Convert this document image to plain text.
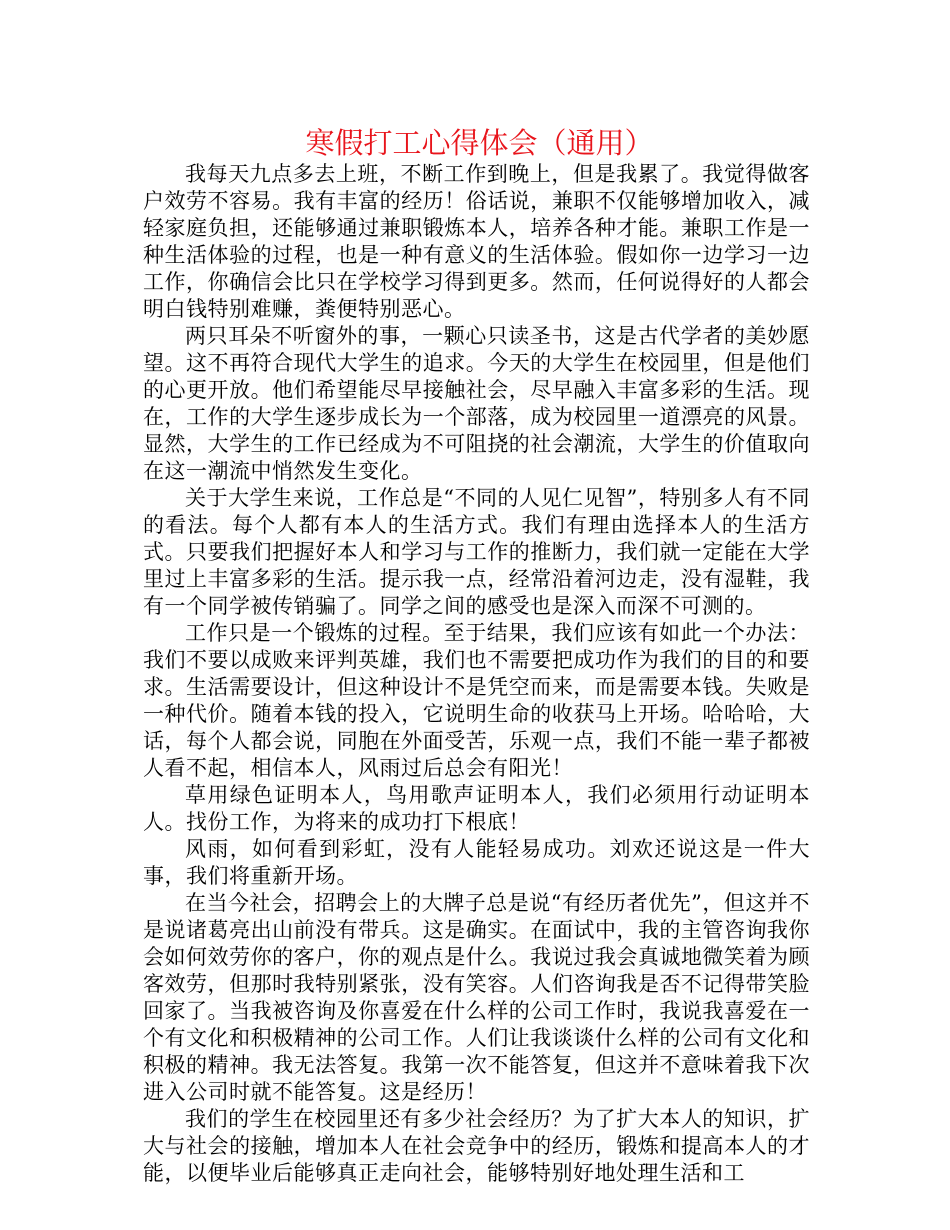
寒假打工心得体会（通用）

我每天九点多去上班，不断工作到晚上，但是我累了。我觉得做客户效劳不容易。我有丰富的经历！俗话说，兼职不仅能够增加收入，减轻家庭负担，还能够通过兼职锻炼本人，培养各种才能。兼职工作是一种生活体验的过程，也是一种有意义的生活体验。假如你一边学习一边工作，你确信会比只在学校学习得到更多。然而，任何说得好的人都会明白钱特别难赚，粪便特别恶心。

两只耳朵不听窗外的事，一颗心只读圣书，这是古代学者的美妙愿望。这不再符合现代大学生的追求。今天的大学生在校园里，但是他们的心更开放。他们希望能尽早接触社会，尽早融入丰富多彩的生活。现在，工作的大学生逐步成长为一个部落，成为校园里一道漂亮的风景。显然，大学生的工作已经成为不可阻挠的社会潮流，大学生的价值取向在这一潮流中悄然发生变化。

关于大学生来说，工作总是“不同的人见仁见智”，特别多人有不同的看法。每个人都有本人的生活方式。我们有理由选择本人的生活方式。只要我们把握好本人和学习与工作的推断力，我们就一定能在大学里过上丰富多彩的生活。提示我一点，经常沿着河边走，没有湿鞋，我有一个同学被传销骗了。同学之间的感受也是深入而深不可测的。

工作只是一个锻炼的过程。至于结果，我们应该有如此一个办法：我们不要以成败来评判英雄，我们也不需要把成功作为我们的目的和要求。生活需要设计，但这种设计不是凭空而来，而是需要本钱。失败是一种代价。随着本钱的投入，它说明生命的收获马上开场。哈哈哈，大话，每个人都会说，同胞在外面受苦，乐观一点，我们不能一辈子都被人看不起，相信本人，风雨过后总会有阳光！

草用绿色证明本人，鸟用歌声证明本人，我们必须用行动证明本人。找份工作，为将来的成功打下根底！

风雨，如何看到彩虹，没有人能轻易成功。刘欢还说这是一件大事，我们将重新开场。

在当今社会，招聘会上的大牌子总是说“有经历者优先”，但这并不是说诸葛亮出山前没有带兵。这是确实。在面试中，我的主管咨询我你会如何效劳你的客户，你的观点是什么。我说过我会真诚地微笑着为顾客效劳，但那时我特别紧张，没有笑容。人们咨询我是否不记得带笑脸回家了。当我被咨询及你喜爱在什么样的公司工作时，我说我喜爱在一个有文化和积极精神的公司工作。人们让我谈谈什么样的公司有文化和积极的精神。我无法答复。我第一次不能答复，但这并不意味着我下次进入公司时就不能答复。这是经历！

我们的学生在校园里还有多少社会经历？为了扩大本人的知识，扩大与社会的接触，增加本人在社会竞争中的经历，锻炼和提高本人的才能，以便毕业后能够真正走向社会，能够特别好地处理生活和工
